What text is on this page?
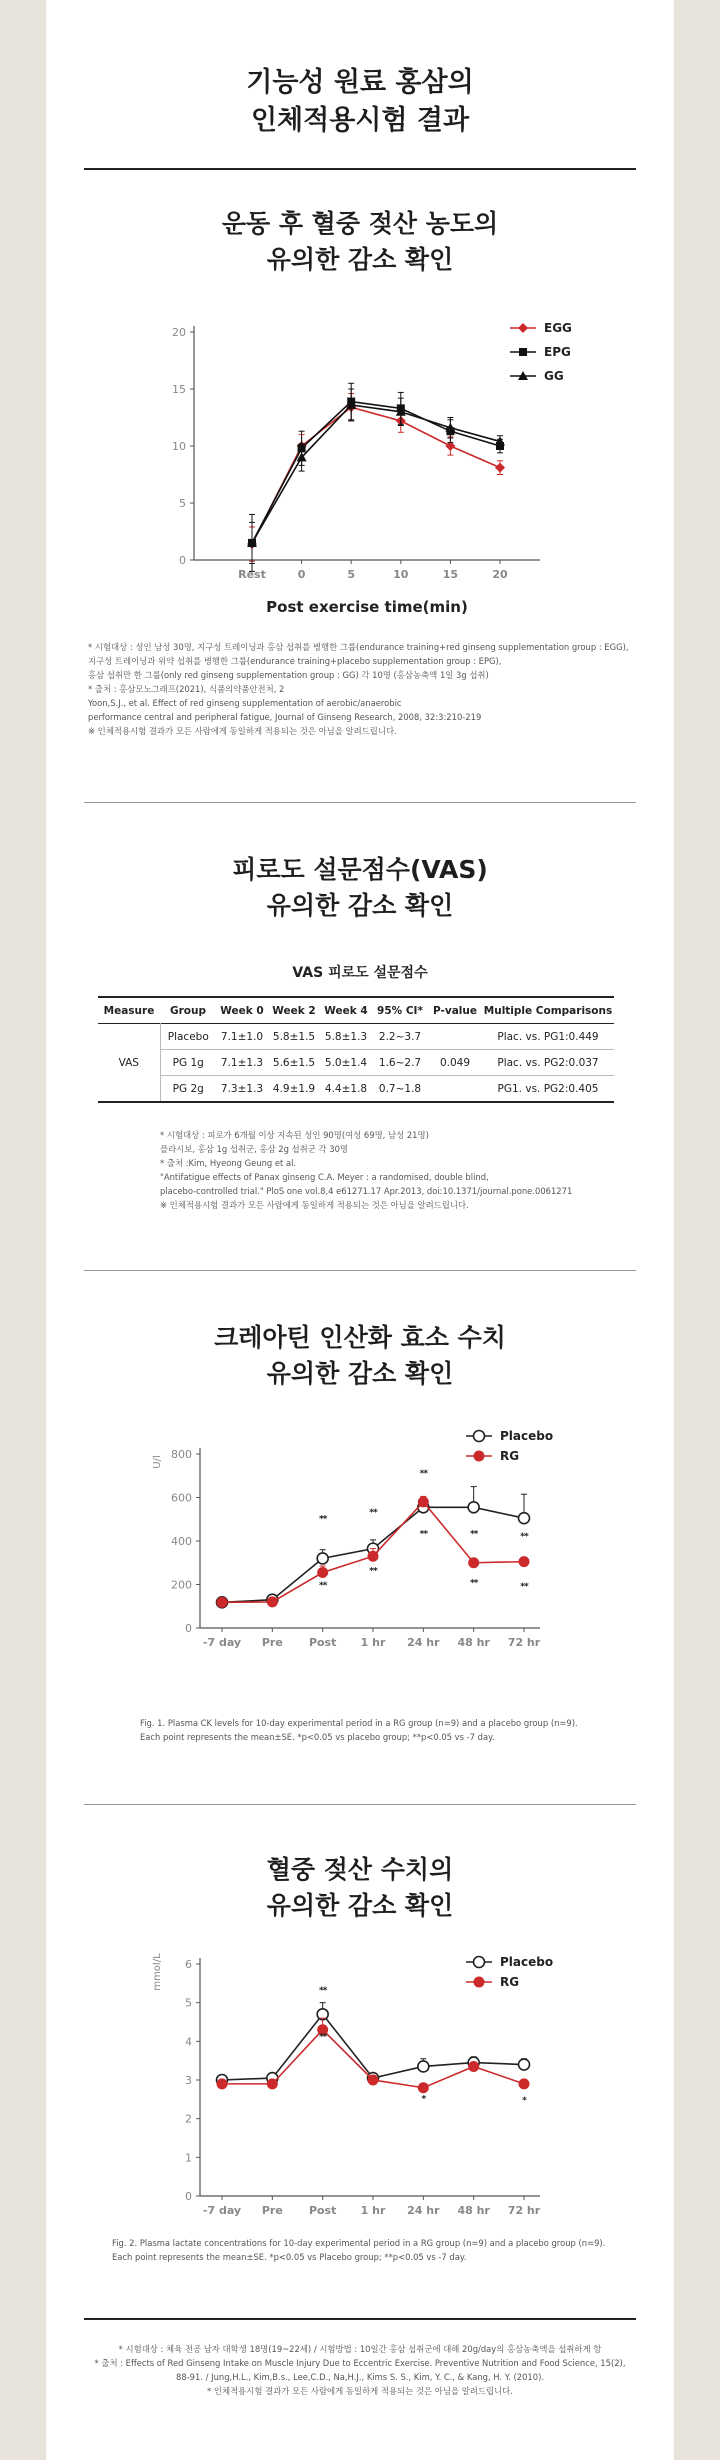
기능성 원료 홍삼의
인체적용시험 결과
운동 후 혈중 젖산 농도의
유의한 감소 확인
0
5
10
15
20
Rest	0	5	10	15	20
Post exercise time(min)
EGG
EPG
GG
* 시험대상 : 성인 남성 30명, 지구성 트레이닝과 홍삼 섭취를 병행한 그룹(endurance training+red ginseng supplementation group : EGG),
지구성 트레이닝과 위약 섭취를 병행한 그룹(endurance training+placebo supplementation group : EPG),
홍삼 섭취만 한 그룹(only red ginseng supplementation group : GG) 각 10명 (홍삼농축액 1일 3g 섭취)
* 출처 : 홍삼모노그래프(2021), 식품의약품안전처, 2
Yoon,S.J., et al. Effect of red ginseng supplementation of aerobic/anaerobic
performance central and peripheral fatigue, Journal of Ginseng Research, 2008, 32:3:210-219
※ 인체적용시험 결과가 모든 사람에게 동일하게 적용되는 것은 아님을 알려드립니다.
피로도 설문점수(VAS)
유의한 감소 확인
VAS 피로도 설문점수
Measure	Group	Week 0	Week 2	Week 4	95% CI*	P-value	Multiple Comparisons
VAS	Placebo	7.1±1.0	5.8±1.5	5.8±1.3	2.2~3.7		Plac. vs. PG1:0.449
	PG 1g	7.1±1.3	5.6±1.5	5.0±1.4	1.6~2.7	0.049	Plac. vs. PG2:0.037
	PG 2g	7.3±1.3	4.9±1.9	4.4±1.8	0.7~1.8		PG1. vs. PG2:0.405
* 시험대상 : 피로가 6개월 이상 지속된 성인 90명(여성 69명, 남성 21명)
플라시보, 홍삼 1g 섭취군, 홍삼 2g 섭취군 각 30명
* 출처 :Kim, Hyeong Geung et al.
"Antifatigue effects of Panax ginseng C.A. Meyer : a randomised, double blind,
placebo-controlled trial." PloS one vol.8,4 e61271.17 Apr.2013, doi:10.1371/journal.pone.0061271
※ 인체적용시험 결과가 모든 사람에게 동일하게 적용되는 것은 아님을 알려드립니다.
크레아틴 인산화 효소 수치
유의한 감소 확인
0
200
400
600
800
-7 day Pre Post 1 hr 24 hr 48 hr 72 hr
U/l
Placebo
RG
**
**
**
**
**
**	**
**
**
**
Fig. 1. Plasma CK levels for 10-day experimental period in a RG group (n=9) and a placebo group (n=9).
Each point represents the mean±SE. *p<0.05 vs placebo group; **p<0.05 vs -7 day.
혈중 젖산 수치의
유의한 감소 확인
0
1
2
3
4
5
6
-7 day Pre Post 1 hr 24 hr 48 hr 72 hr
mmol/L	Placebo
RG
**
**
*	*
Fig. 2. Plasma lactate concentrations for 10-day experimental period in a RG group (n=9) and a placebo group (n=9).
Each point represents the mean±SE. *p<0.05 vs Placebo group; **p<0.05 vs -7 day.
* 시험대상 : 체육 전공 남자 대학생 18명(19~22세) / 시험방법 : 10일간 홍삼 섭취군에 대해 20g/day의 홍삼농축액을 섭취하게 함
* 출처 : Effects of Red Ginseng Intake on Muscle Injury Due to Eccentric Exercise. Preventive Nutrition and Food Science, 15(2),
88-91. / Jung,H.L., Kim,B.s., Lee,C.D., Na,H.J., Kims S. S., Kim, Y. C., & Kang, H. Y. (2010).
* 인체적용시험 결과가 모든 사람에게 동일하게 적용되는 것은 아님을 알려드립니다.
